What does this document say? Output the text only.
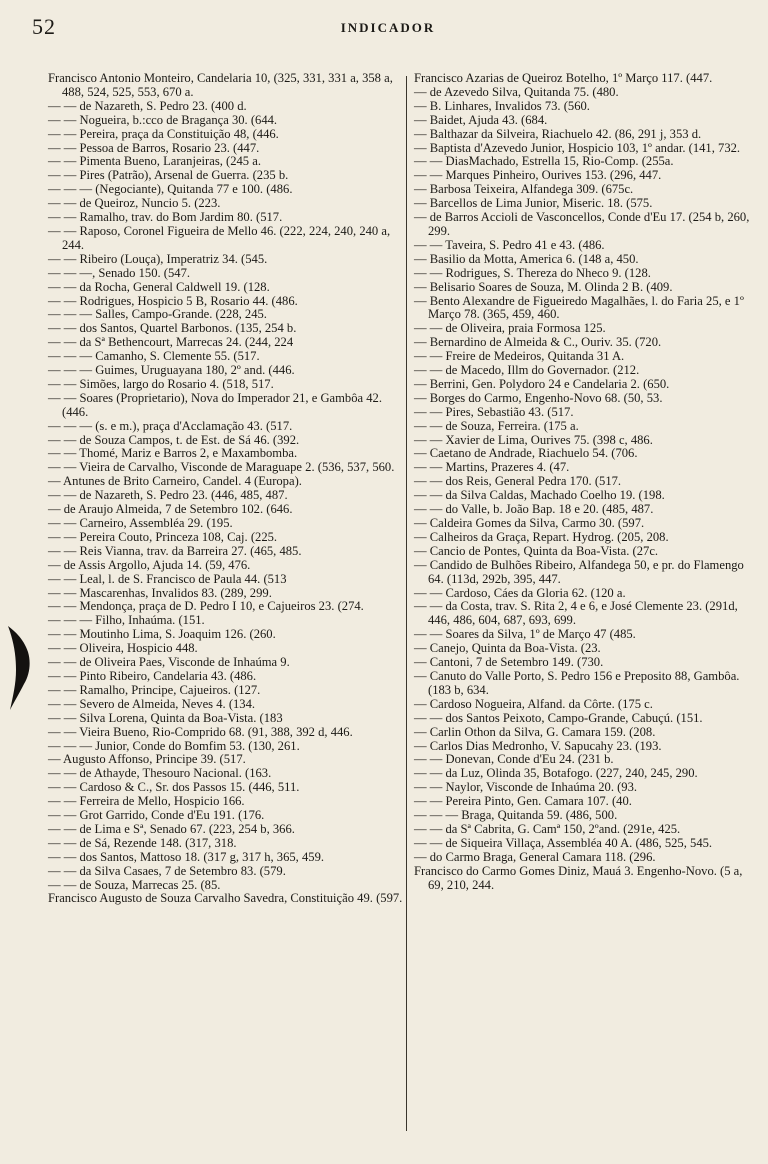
52	INDICADOR
Francisco Antonio Monteiro, Candelaria 10, (325, 331, 331 a, 358 a, 488, 524, 525, 553, 670 a.
— — de Nazareth, S. Pedro 23. (400 d.
— — Nogueira, b.:cco de Bragança 30. (644.
— — Pereira, praça da Constituição 48, (446.
— — Pessoa de Barros, Rosario 23. (447.
— — Pimenta Bueno, Laranjeiras, (245 a.
— — Pires (Patrão), Arsenal de Guerra. (235 b.
— — — (Negociante), Quitanda 77 e 100. (486.
— — de Queiroz, Nuncio 5. (223.
— — Ramalho, trav. do Bom Jardim 80. (517.
— — Raposo, Coronel Figueira de Mello 46. (222, 224, 240, 240 a, 244.
— — Ribeiro (Louça), Imperatriz 34. (545.
— — —, Senado 150. (547.
— — da Rocha, General Caldwell 19. (128.
— — Rodrigues, Hospicio 5 B, Rosario 44. (486.
— — — Salles, Campo-Grande. (228, 245.
— — dos Santos, Quartel Barbonos. (135, 254 b.
— — da Sª Bethencourt, Marrecas 24. (244, 224
— — — Camanho, S. Clemente 55. (517.
— — — Guimes, Uruguayana 180, 2º and. (446.
— — Simões, largo do Rosario 4. (518, 517.
— — Soares (Proprietario), Nova do Imperador 21, e Gambôa 42. (446.
— — — (s. e m.), praça d'Acclamação 43. (517.
— — de Souza Campos, t. de Est. de Sá 46. (392.
— — Thomé, Mariz e Barros 2, e Maxambomba.
— — Vieira de Carvalho, Visconde de Maraguape 2. (536, 537, 560.
— Antunes de Brito Carneiro, Candel. 4 (Europa).
— — de Nazareth, S. Pedro 23. (446, 485, 487.
— de Araujo Almeida, 7 de Setembro 102. (646.
— — Carneiro, Assembléa 29. (195.
— — Pereira Couto, Princeza 108, Caj. (225.
— — Reis Vianna, trav. da Barreira 27. (465, 485.
— de Assis Argollo, Ajuda 14. (59, 476.
— — Leal, l. de S. Francisco de Paula 44. (513
— — Mascarenhas, Invalidos 83. (289, 299.
— — Mendonça, praça de D. Pedro I 10, e Cajueiros 23. (274.
— — — Filho, Inhaúma. (151.
— — Moutinho Lima, S. Joaquim 126. (260.
— — Oliveira, Hospicio 448.
— — de Oliveira Paes, Visconde de Inhaúma 9.
— — Pinto Ribeiro, Candelaria 43. (486.
— — Ramalho, Principe, Cajueiros. (127.
— — Severo de Almeida, Neves 4. (134.
— — Silva Lorena, Quinta da Boa-Vista. (183
— — Vieira Bueno, Rio-Comprido 68. (91, 388, 392 d, 446.
— — — Junior, Conde do Bomfim 53. (130, 261.
— Augusto Affonso, Principe 39. (517.
— — de Athayde, Thesouro Nacional. (163.
— — Cardoso & C., Sr. dos Passos 15. (446, 511.
— — Ferreira de Mello, Hospicio 166.
— — Grot Garrido, Conde d'Eu 191. (176.
— — de Lima e Sª, Senado 67. (223, 254 b, 366.
— — de Sá, Rezende 148. (317, 318.
— — dos Santos, Mattoso 18. (317 g, 317 h, 365, 459.
— — da Silva Casaes, 7 de Setembro 83. (579.
— — de Souza, Marrecas 25. (85.
Francisco Augusto de Souza Carvalho Savedra, Constituição 49. (597.
Francisco Azarias de Queiroz Botelho, 1º Março 117. (447.
— de Azevedo Silva, Quitanda 75. (480.
— B. Linhares, Invalidos 73. (560.
— Baidet, Ajuda 43. (684.
— Balthazar da Silveira, Riachuelo 42. (86, 291 j, 353 d.
— Baptista d'Azevedo Junior, Hospicio 103, 1º andar. (141, 732.
— — DiasMachado, Estrella 15, Rio-Comp. (255a.
— — Marques Pinheiro, Ourives 153. (296, 447.
— Barbosa Teixeira, Alfandega 309. (675c.
— Barcellos de Lima Junior, Miseric. 18. (575.
— de Barros Accioli de Vasconcellos, Conde d'Eu 17. (254 b, 260, 299.
— — Taveira, S. Pedro 41 e 43. (486.
— Basilio da Motta, America 6. (148 a, 450.
— — Rodrigues, S. Thereza do Nheco 9. (128.
— Belisario Soares de Souza, M. Olinda 2 B. (409.
— Bento Alexandre de Figueiredo Magalhães, l. do Faria 25, e 1º Março 78. (365, 459, 460.
— — de Oliveira, praia Formosa 125.
— Bernardino de Almeida & C., Ouriv. 35. (720.
— — Freire de Medeiros, Quitanda 31 A.
— — de Macedo, Illm do Governador. (212.
— Berrini, Gen. Polydoro 24 e Candelaria 2. (650.
— Borges do Carmo, Engenho-Novo 68. (50, 53.
— — Pires, Sebastião 43. (517.
— — de Souza, Ferreira. (175 a.
— — Xavier de Lima, Ourives 75. (398 c, 486.
— Caetano de Andrade, Riachuelo 54. (706.
— — Martins, Prazeres 4. (47.
— — dos Reis, General Pedra 170. (517.
— — da Silva Caldas, Machado Coelho 19. (198.
— — do Valle, b. João Bap. 18 e 20. (485, 487.
— Caldeira Gomes da Silva, Carmo 30. (597.
— Calheiros da Graça, Repart. Hydrog. (205, 208.
— Cancio de Pontes, Quinta da Boa-Vista. (27c.
— Candido de Bulhões Ribeiro, Alfandega 50, e pr. do Flamengo 64. (113d, 292b, 395, 447.
— — Cardoso, Cáes da Gloria 62. (120 a.
— — da Costa, trav. S. Rita 2, 4 e 6, e José Clemente 23. (291d, 446, 486, 604, 687, 693, 699.
— — Soares da Silva, 1º de Março 47 (485.
— Canejo, Quinta da Boa-Vista. (23.
— Cantoni, 7 de Setembro 149. (730.
— Canuto do Valle Porto, S. Pedro 156 e Preposito 88, Gambôa. (183 b, 634.
— Cardoso Nogueira, Alfand. da Côrte. (175 c.
— — dos Santos Peixoto, Campo-Grande, Cabuçú. (151.
— Carlin Othon da Silva, G. Camara 159. (208.
— Carlos Dias Medronho, V. Sapucahy 23. (193.
— — Donevan, Conde d'Eu 24. (231 b.
— — da Luz, Olinda 35, Botafogo. (227, 240, 245, 290.
— — Naylor, Visconde de Inhaúma 20. (93.
— — Pereira Pinto, Gen. Camara 107. (40.
— — — Braga, Quitanda 59. (486, 500.
— — da Sª Cabrita, G. Camª 150, 2ºand. (291e, 425.
— — de Siqueira Villaça, Assembléa 40 A. (486, 525, 545.
— do Carmo Braga, General Camara 118. (296.
Francisco do Carmo Gomes Diniz, Mauá 3. Engenho-Novo. (5 a, 69, 210, 244.
